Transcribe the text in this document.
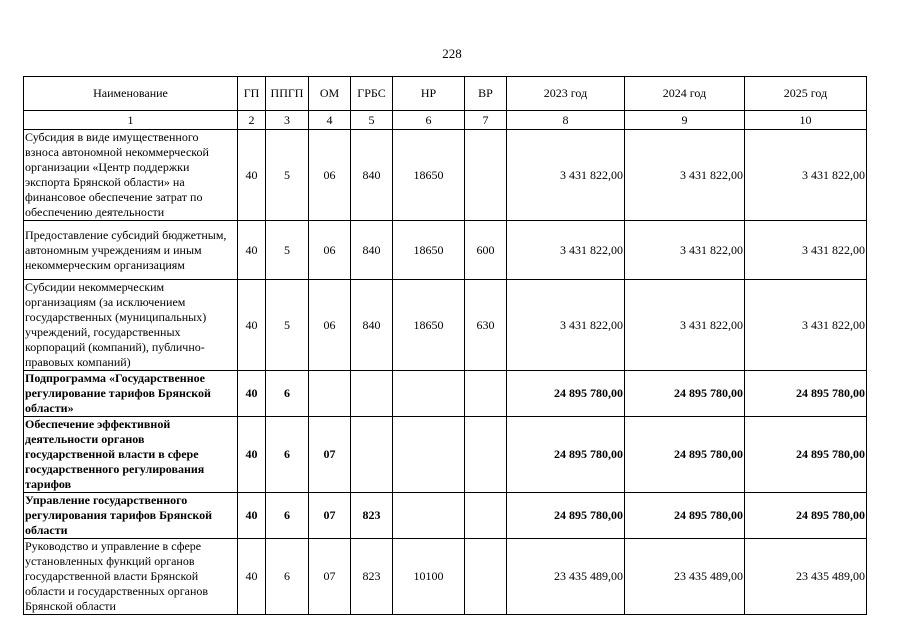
228
Наименование	ГП	ППГП	ОМ	ГРБС	НР	ВР	2023 год	2024 год	2025 год
1	2	3	4	5	6	7	8	9	10
Субсидия в виде имущественного взноса автономной некоммерческой организации «Центр поддержки экспорта Брянской области» на финансовое обеспечение затрат по обеспечению деятельности	40	5	06	840	18650		3 431 822,00	3 431 822,00	3 431 822,00
Предоставление субсидий бюджетным, автономным учреждениям и иным некоммерческим организациям	40	5	06	840	18650	600	3 431 822,00	3 431 822,00	3 431 822,00
Субсидии некоммерческим организациям (за исключением государственных (муниципальных) учреждений, государственных корпораций (компаний), публично-правовых компаний)	40	5	06	840	18650	630	3 431 822,00	3 431 822,00	3 431 822,00
Подпрограмма «Государственное регулирование тарифов Брянской области»	40	6					24 895 780,00	24 895 780,00	24 895 780,00
Обеспечение эффективной деятельности органов государственной власти в сфере государственного регулирования тарифов	40	6	07				24 895 780,00	24 895 780,00	24 895 780,00
Управление государственного регулирования тарифов Брянской области	40	6	07	823			24 895 780,00	24 895 780,00	24 895 780,00
Руководство и управление в сфере установленных функций органов государственной власти Брянской области и государственных органов Брянской области	40	6	07	823	10100		23 435 489,00	23 435 489,00	23 435 489,00
